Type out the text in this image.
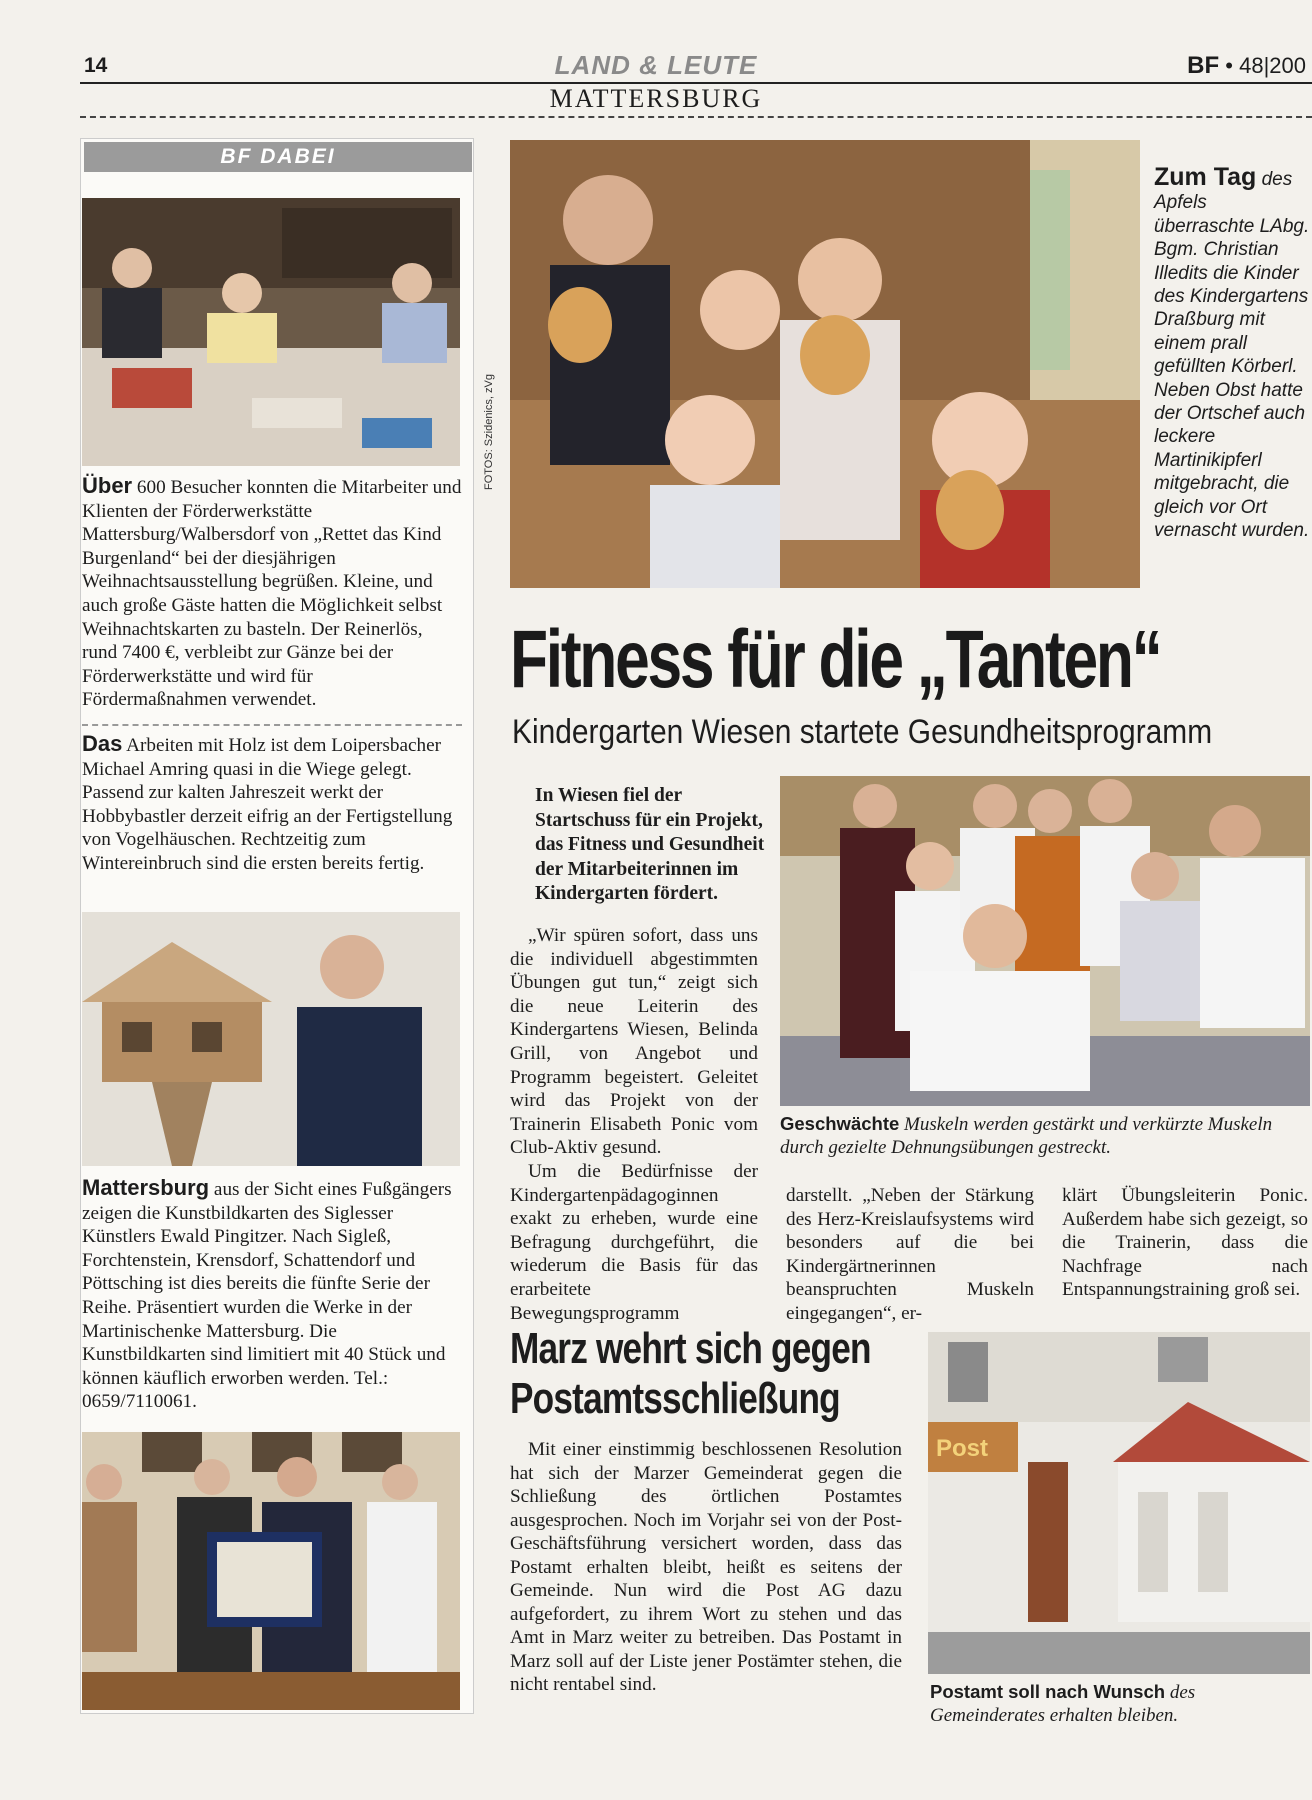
14	LAND & LEUTE
MATTERSBURG
BF • 48|200
BF DABEI
Über 600 Besucher konnten die Mitarbeiter und Klienten der Förderwerkstätte Mattersburg/Walbersdorf von „Rettet das Kind Burgenland“ bei der diesjährigen Weihnachtsausstellung begrüßen. Kleine, und auch große Gäste hatten die Möglichkeit selbst Weihnachtskarten zu basteln. Der Reinerlös, rund 7400 €, verbleibt zur Gänze bei der Förderwerkstätte und wird für Fördermaßnahmen verwendet.
Das Arbeiten mit Holz ist dem Loipersbacher Michael Amring quasi in die Wiege gelegt. Passend zur kalten Jahreszeit werkt der Hobbybastler derzeit eifrig an der Fertigstellung von Vogelhäuschen. Rechtzeitig zum Wintereinbruch sind die ersten bereits fertig.
Mattersburg aus der Sicht eines Fußgängers zeigen die Kunstbildkarten des Siglesser Künstlers Ewald Pingitzer. Nach Sigleß, Forchtenstein, Krensdorf, Schattendorf und Pöttsching ist dies bereits die fünfte Serie der Reihe. Präsentiert wurden die Werke in der Martinischenke Mattersburg. Die Kunstbildkarten sind limitiert mit 40 Stück und können käuflich erworben werden. Tel.: 0659/7110061.
Zum Tag des Apfels überraschte LAbg. Bgm. Christian Illedits die Kinder des Kindergartens Draßburg mit einem prall gefüllten Körberl. Neben Obst hatte der Ortschef auch leckere Martinikipferl mitgebracht, die gleich vor Ort vernascht wurden.
FOTOS: Szidenics, zVg
Fitness für die „Tanten“
Kindergarten Wiesen startete Gesundheitsprogramm
In Wiesen fiel der Startschuss für ein Projekt, das Fitness und Gesundheit der Mitarbeiterinnen im Kindergarten fördert.

„Wir spüren sofort, dass uns die individuell abgestimmten Übungen gut tun,“ zeigt sich die neue Leiterin des Kindergartens Wiesen, Belinda Grill, von Angebot und Programm begeistert. Geleitet wird das Projekt von der Trainerin Elisabeth Ponic vom Club-Aktiv gesund.

Um die Bedürfnisse der Kindergartenpädagoginnen exakt zu erheben, wurde eine Befragung durchgeführt, die wiederum die Basis für das erarbeitete Bewegungsprogramm

Geschwächte Muskeln werden gestärkt und verkürzte Muskeln durch gezielte Dehnungsübungen gestreckt.
darstellt. „Neben der Stärkung des Herz-Kreislaufsystems wird besonders auf die bei Kindergärtnerinnen beanspruchten Muskeln eingegangen“, er-
klärt Übungsleiterin Ponic. Außerdem habe sich gezeigt, so die Trainerin, dass die Nachfrage nach Entspannungstraining groß sei.
Marz wehrt sich gegen Postamtsschließung
Mit einer einstimmig beschlossenen Resolution hat sich der Marzer Gemeinderat gegen die Schließung des örtlichen Postamtes ausgesprochen. Noch im Vorjahr sei von der Post-Geschäftsführung versichert worden, dass das Postamt erhalten bleibt, heißt es seitens der Gemeinde. Nun wird die Post AG dazu aufgefordert, zu ihrem Wort zu stehen und das Amt in Marz weiter zu betreiben. Das Postamt in Marz soll auf der Liste jener Postämter stehen, die nicht rentabel sind.
Post
Postamt soll nach Wunsch des Gemeinderates erhalten bleiben.
